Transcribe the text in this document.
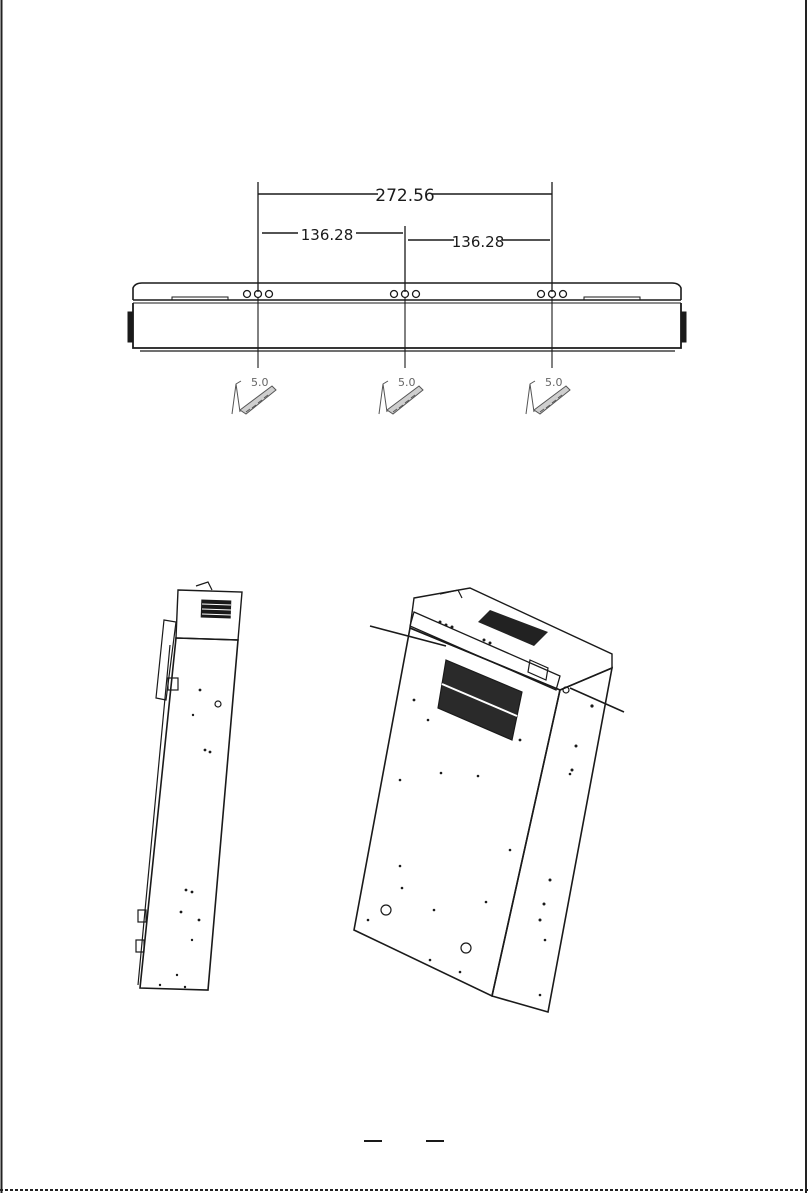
272.56
136.28	136.28
5.0	5.0	5.0
